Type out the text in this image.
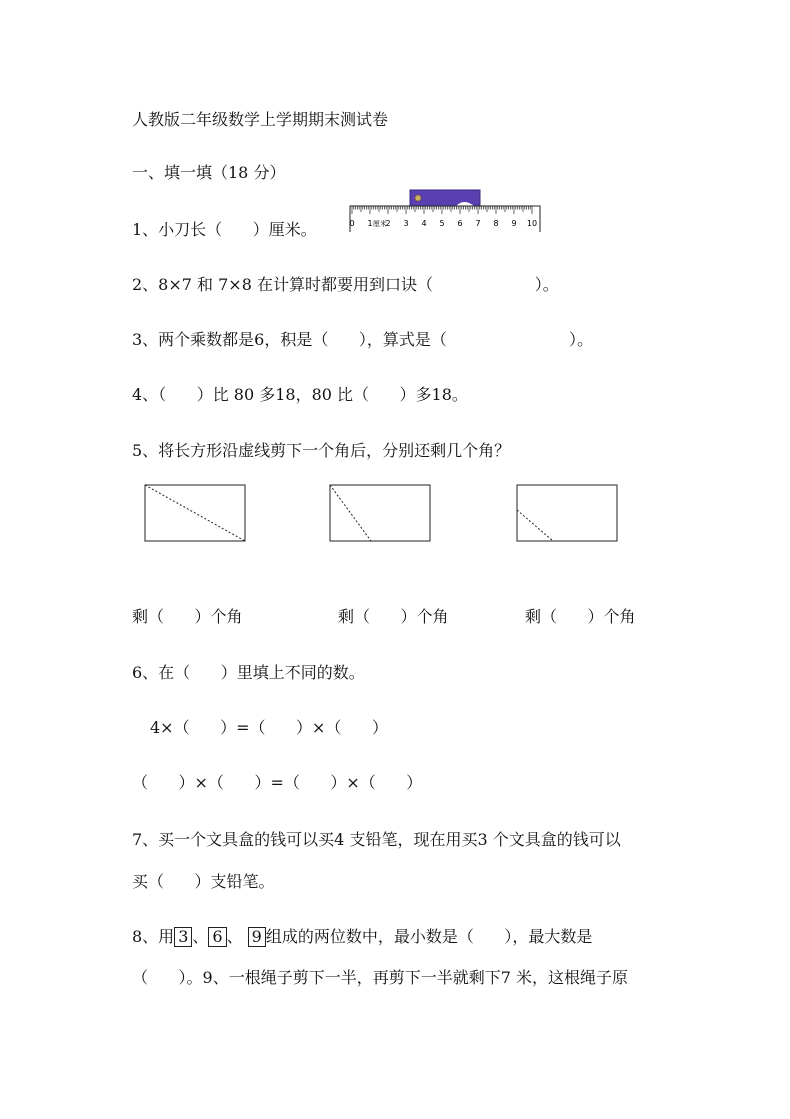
人教版二年级数学上学期期末测试卷
一、填一填（18 分）
1、小刀长（      ）厘米。	0 1 2 3 4 5 6 7 8 9 10
厘米
2、8×7 和 7×8 在计算时都要用到口诀（                    ）。
3、两个乘数都是6，积是（      ），算式是（                        ）。
4、（      ）比 80 多18，80 比（      ）多18。
5、将长方形沿虚线剪下一个角后，分别还剩几个角？
剩（      ）个角	剩（      ）个角	剩（      ）个角
6、在（      ）里填上不同的数。
4×（      ）=（      ）×（      ）
（      ）×（      ）=（      ）×（      ）
7、买一个文具盒的钱可以买4 支铅笔，现在用买3 个文具盒的钱可以
买（      ）支铅笔。
8、用 3 、 6 、 9 组成的两位数中，最小数是（      ），最大数是
（      ）。9、一根绳子剪下一半，再剪下一半就剩下7 米，这根绳子原
